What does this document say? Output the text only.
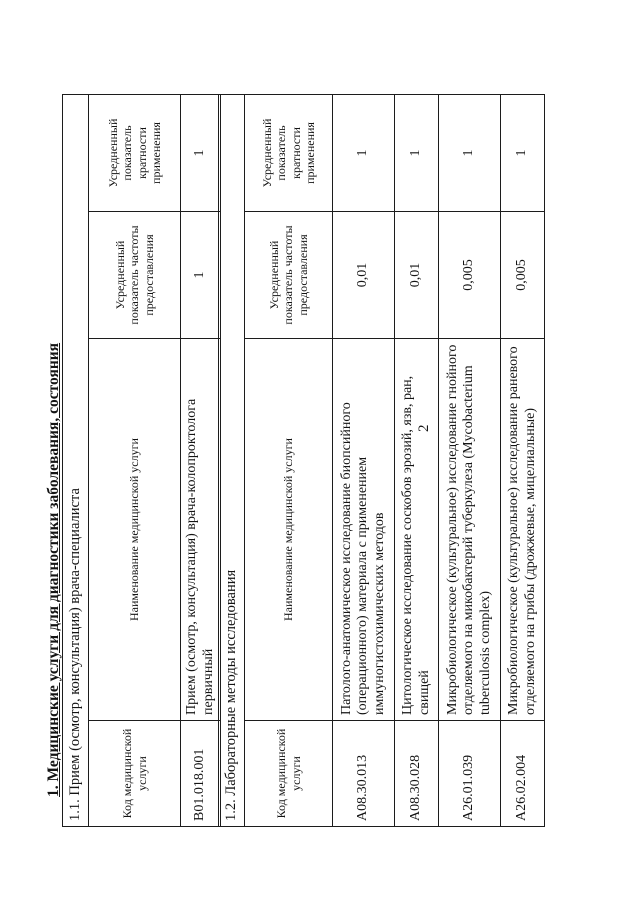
2
1. Медицинские услуги для диагностики заболевания, состояния 1.1. Прием (осмотр, консультация) врача-специалиста			
Код медицинской услуги	Наименование медицинской услуги	Усредненный показатель частоты предоставления	Усредненный показатель кратности применения
B01.018.001	Прием (осмотр, консультация) врача-колопроктолога первичный	1	1
1.2. Лабораторные методы исследования			
Код медицинской услуги	Наименование медицинской услуги	Усредненный показатель частоты предоставления	Усредненный показатель кратности применения
A08.30.013	Патолого-анатомическое исследование биопсийного (операционного) материала с применением иммуногистохимических методов	0,01	1
A08.30.028	Цитологическое исследование соскобов эрозий, язв, ран, свищей	0,01	1
A26.01.039	Микробиологическое (культуральное) исследование гнойного отделяемого на микобактерий туберкулеза (Mycobacterium tuberculosis complex)	0,005	1
A26.02.004	Микробиологическое (культуральное) исследование раневого отделяемого на грибы (дрожжевые, мицелиальные)	0,005	1
